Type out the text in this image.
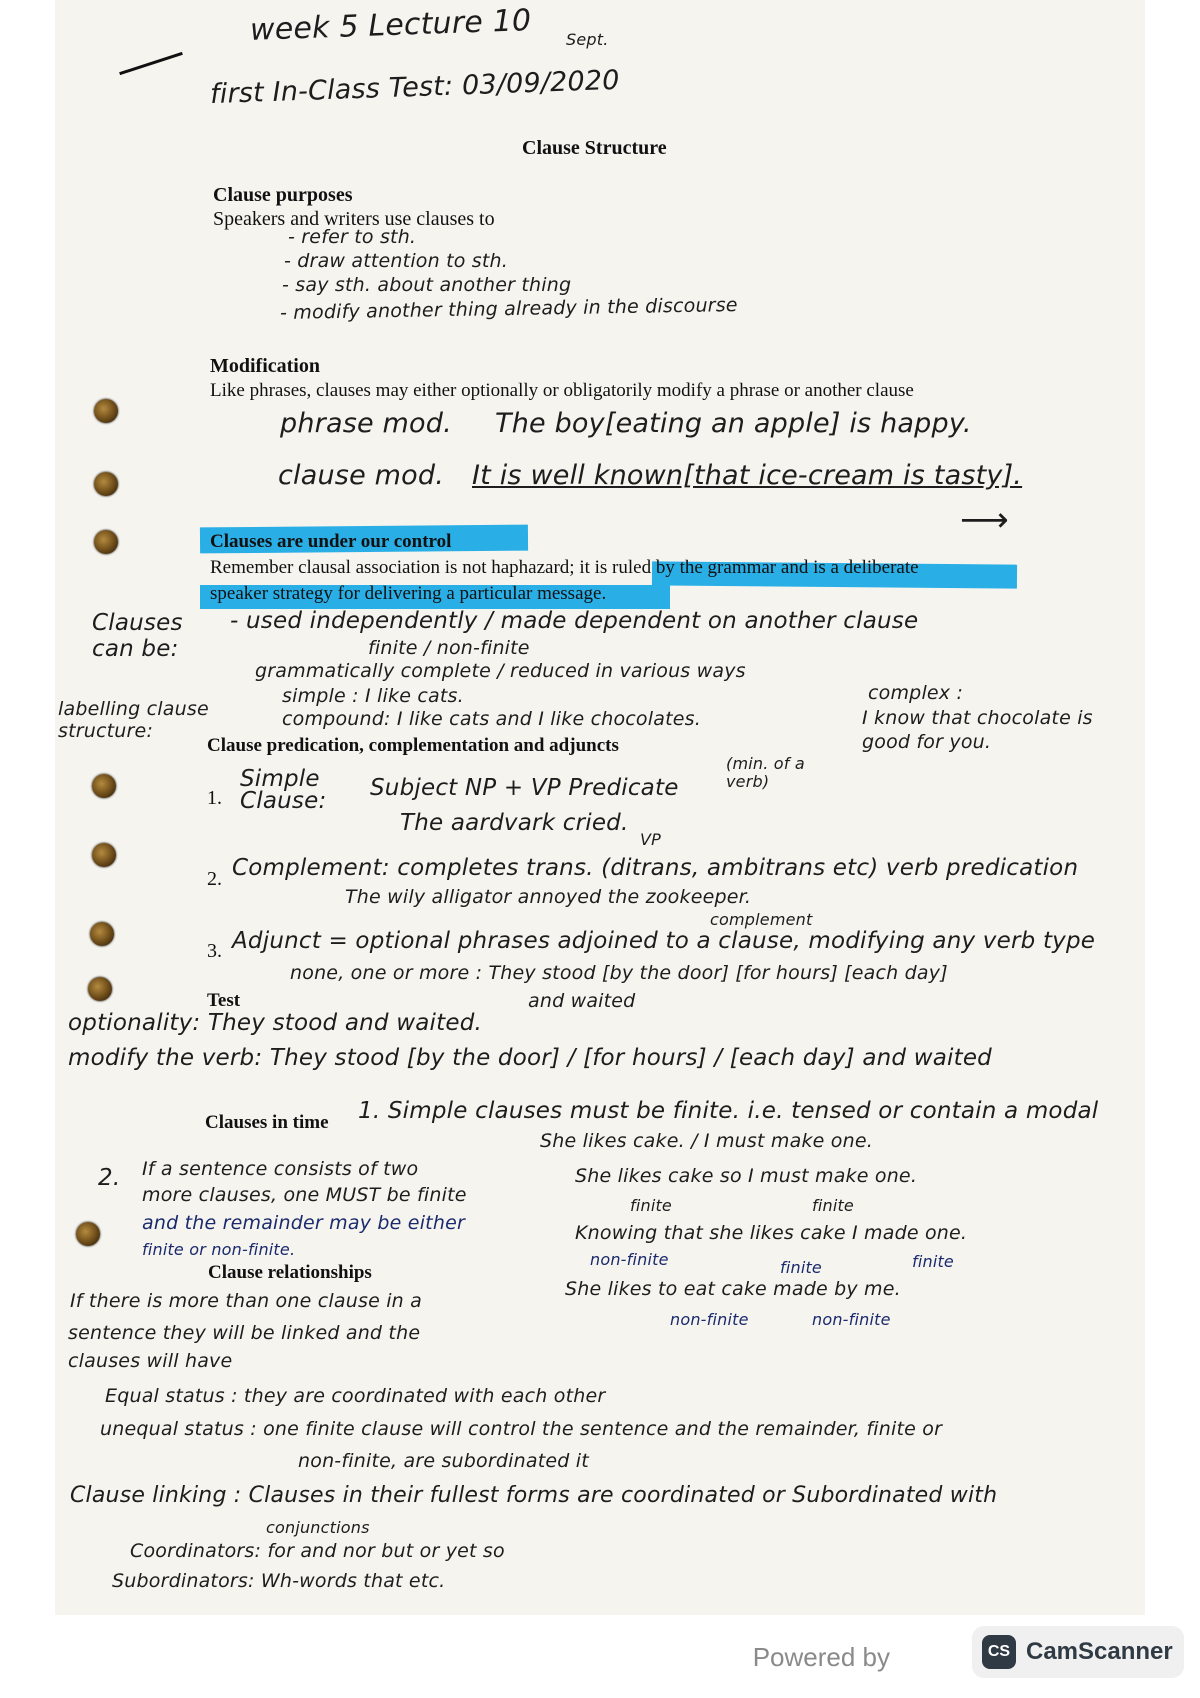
week 5 Lecture 10 Sept.
first In-Class Test: 03/09/2020
Clause Structure
Clause purposes
Speakers and writers use clauses to
- refer to sth.
- draw attention to sth.
- say sth. about another thing
- modify another thing already in the discourse
Modification
Like phrases, clauses may either optionally or obligatorily modify a phrase or another clause
phrase mod. The boy[eating an apple] is happy.
clause mod. It is well known[that ice-cream is tasty].
⟶
Clauses are under our control
Remember clausal association is not haphazard; it is ruled by the grammar and is a deliberate
speaker strategy for delivering a particular message.
Clauses can be:
- used independently / made dependent on another clause
finite / non-finite
grammatically complete / reduced in various ways
labelling clause structure:
simple : I like cats.
compound: I like cats and I like chocolates.
complex :
I know that chocolate is good for you.
Clause predication, complementation and adjuncts
1.
Simple Clause:	Subject NP + VP Predicate
(min. of a verb)
The aardvark cried.
VP
2. Complement: completes trans. (ditrans, ambitrans etc) verb predication
The wily alligator annoyed the zookeeper.
complement
3. Adjunct = optional phrases adjoined to a clause, modifying any verb type
none, one or more : They stood [by the door] [for hours] [each day]
and waited
Test
optionality: They stood and waited.
modify the verb: They stood [by the door] / [for hours] / [each day] and waited
Clauses in time 1. Simple clauses must be finite. i.e. tensed or contain a modal
She likes cake. / I must make one.
2. If a sentence consists of two
more clauses, one MUST be finite
and the remainder may be either
finite or non-finite.
She likes cake so I must make one.
finite	finite
Knowing that she likes cake I made one.
non-finite	finite	finite
She likes to eat cake made by me.
non-finite	non-finite
Clause relationships
If there is more than one clause in a
sentence they will be linked and the
clauses will have
Equal status : they are coordinated with each other
unequal status : one finite clause will control the sentence and the remainder, finite or
non-finite, are subordinated it
Clause linking : Clauses in their fullest forms are coordinated or Subordinated with
conjunctions
Coordinators: for and nor but or yet so
Subordinators: Wh-words that etc.
Powered by	CS CamScanner
